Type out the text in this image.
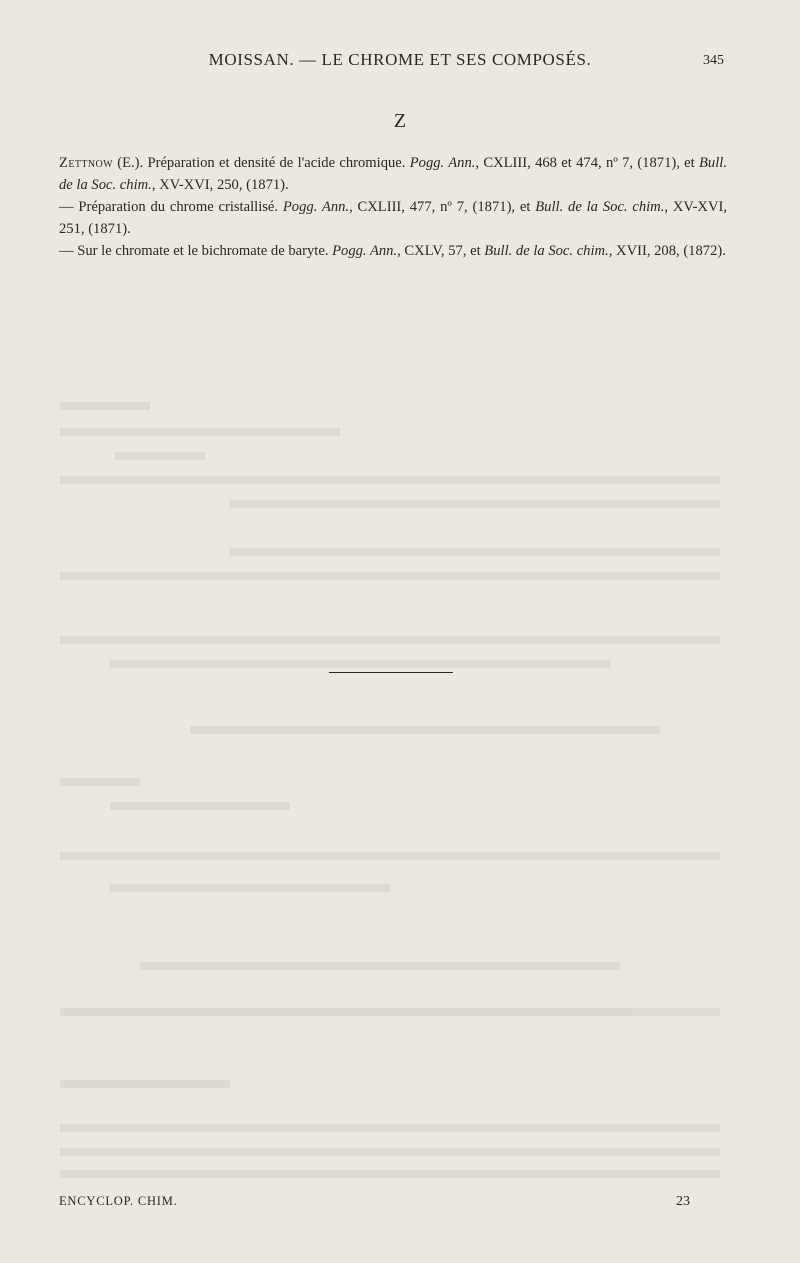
MOISSAN. — LE CHROME ET SES COMPOSÉS.	345
Z

Zettnow (E.). Préparation et densité de l'acide chromique. Pogg. Ann., CXLIII, 468 et 474, nº 7, (1871), et Bull. de la Soc. chim., XV-XVI, 250, (1871).

— Préparation du chrome cristallisé. Pogg. Ann., CXLIII, 477, nº 7, (1871), et Bull. de la Soc. chim., XV-XVI, 251, (1871).

— Sur le chromate et le bichromate de baryte. Pogg. Ann., CXLV, 57, et Bull. de la Soc. chim., XVII, 208, (1872).

ENCYCLOP. CHIM.	23
